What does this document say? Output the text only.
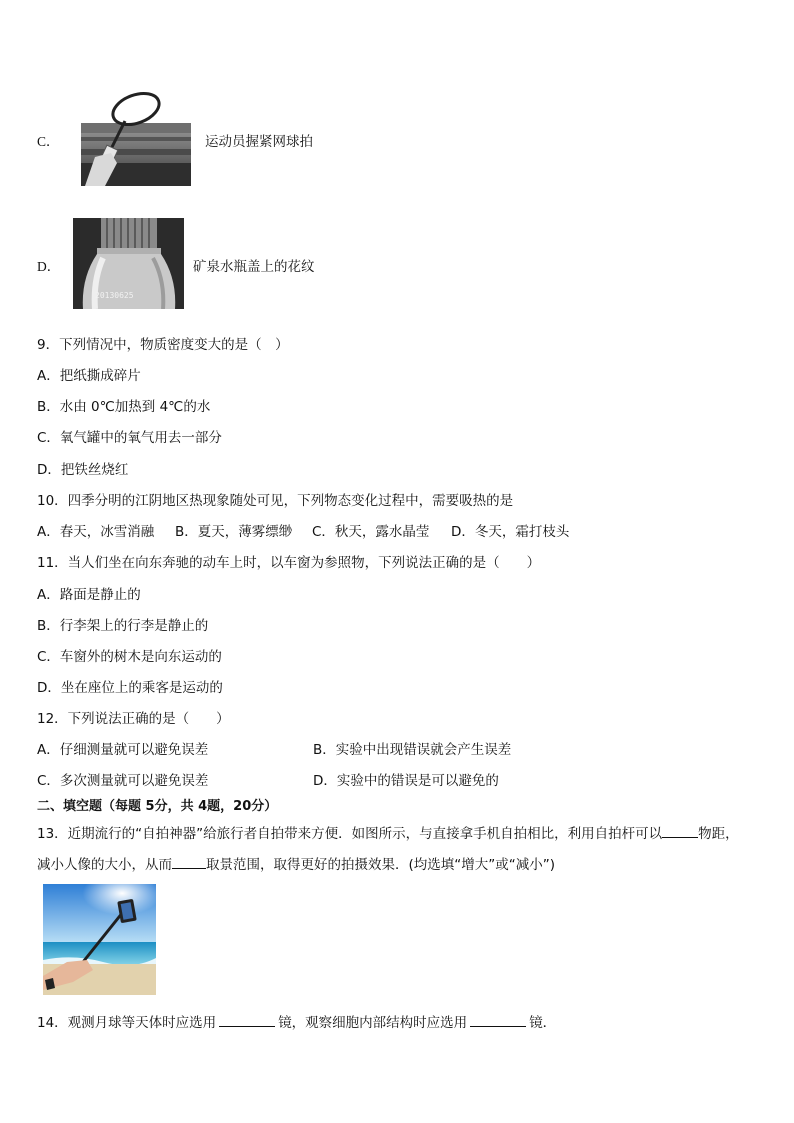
C．	运动员握紧网球拍
D．
20130625
矿泉水瓶盖上的花纹
9．下列情况中，物质密度变大的是（　）
A．把纸撕成碎片
B．水由 0℃加热到 4℃的水
C．氧气罐中的氧气用去一部分
D．把铁丝烧红
10．四季分明的江阴地区热现象随处可见，下列物态变化过程中，需要吸热的是
A．春天，冰雪消融 B．夏天，薄雾缥缈 C．秋天，露水晶莹 D．冬天，霜打枝头
11．当人们坐在向东奔驰的动车上时，以车窗为参照物，下列说法正确的是（　　）
A．路面是静止的
B．行李架上的行李是静止的
C．车窗外的树木是向东运动的
D．坐在座位上的乘客是运动的
12．下列说法正确的是（　　）
A．仔细测量就可以避免误差	B．实验中出现错误就会产生误差
C．多次测量就可以避免误差	D．实验中的错误是可以避免的
二、填空题（每题 5分，共 4题，20分）
13．近期流行的“自拍神器”给旅行者自拍带来方便．如图所示，与直接拿手机自拍相比，利用自拍杆可以	物距，
减小人像的大小，从而	取景范围，取得更好的拍摄效果．(均选填“增大”或“减小”)
14．观测月球等天体时应选用	镜，观察细胞内部结构时应选用	镜．
